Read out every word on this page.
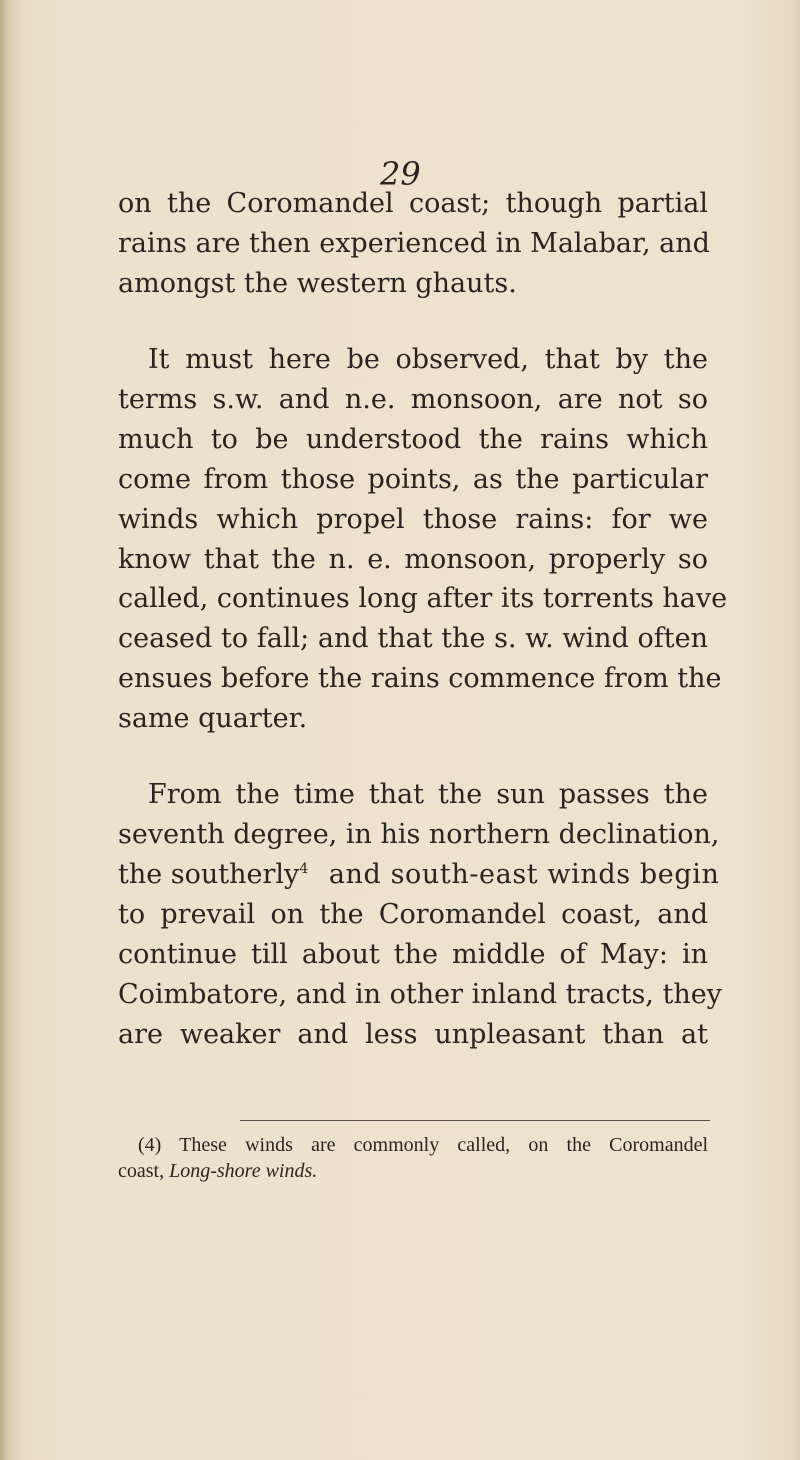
29
on the Coromandel coast; though partial
rains are then experienced in Malabar, and
amongst the western ghauts.
It must here be observed, that by the
terms s.w. and n.e. monsoon, are not so
much to be understood the rains which
come from those points, as the particular
winds which propel those rains: for we
know that the n. e. monsoon, properly so
called, continues long after its torrents have
ceased to fall; and that the s. w. wind often
ensues before the rains commence from the
same quarter.
From the time that the sun passes the
seventh degree, in his northern declination,
the southerly$^4$ and south-east winds begin
to prevail on the Coromandel coast, and
continue till about the middle of May: in
Coimbatore, and in other inland tracts, they
are weaker and less unpleasant than at
(4) These winds are commonly called, on the Coromandel
coast, Long-shore winds.
